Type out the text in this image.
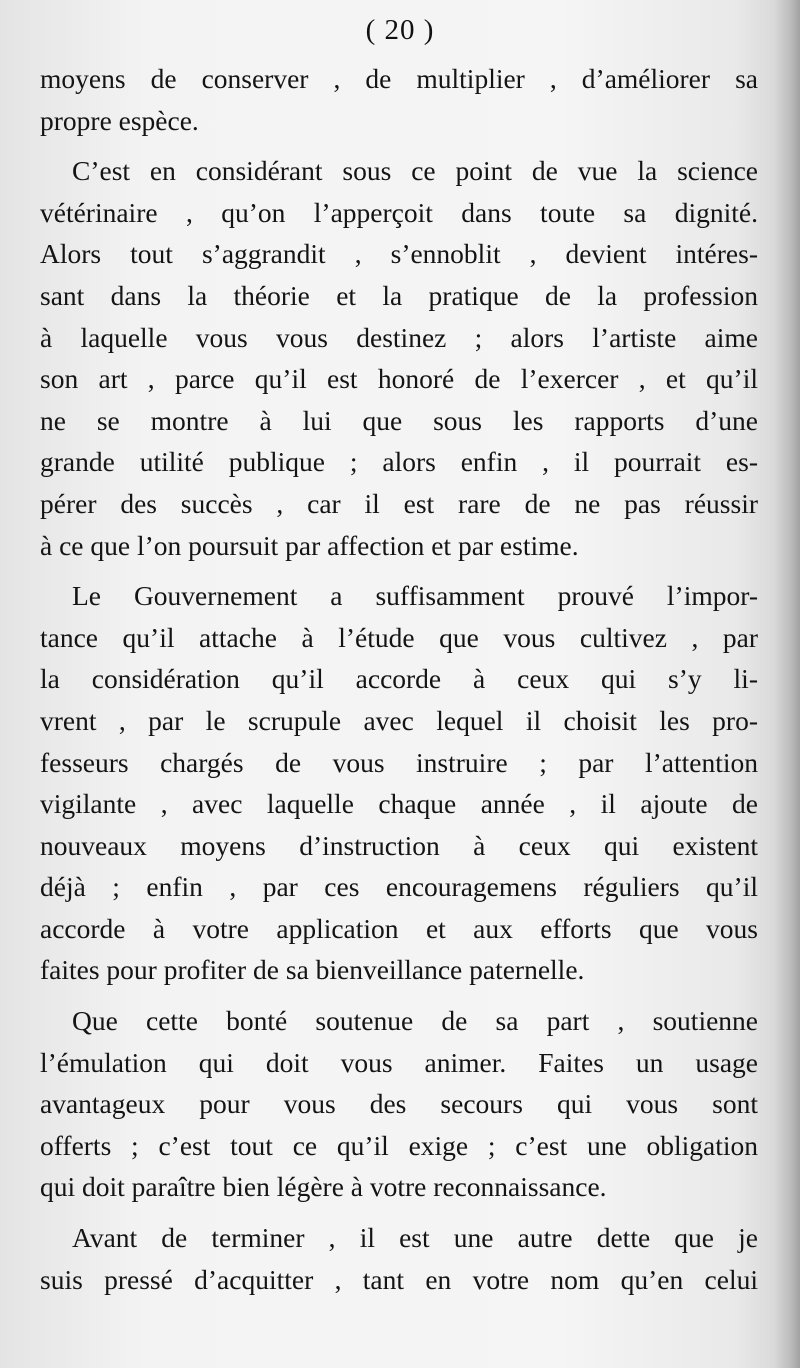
( 20 )
moyens de conserver , de multiplier , d’améliorer sa
propre espèce.
C’est en considérant sous ce point de vue la science
vétérinaire , qu’on l’apperçoit dans toute sa dignité.
Alors tout s’aggrandit , s’ennoblit , devient intéres-
sant dans la théorie et la pratique de la profession
à laquelle vous vous destinez ; alors l’artiste aime
son art , parce qu’il est honoré de l’exercer , et qu’il
ne se montre à lui que sous les rapports d’une
grande utilité publique ; alors enfin , il pourrait es-
pérer des succès , car il est rare de ne pas réussir
à ce que l’on poursuit par affection et par estime.
Le Gouvernement a suffisamment prouvé l’impor-
tance qu’il attache à l’étude que vous cultivez , par
la considération qu’il accorde à ceux qui s’y li-
vrent , par le scrupule avec lequel il choisit les pro-
fesseurs chargés de vous instruire ; par l’attention
vigilante , avec laquelle chaque année , il ajoute de
nouveaux moyens d’instruction à ceux qui existent
déjà ; enfin , par ces encouragemens réguliers qu’il
accorde à votre application et aux efforts que vous
faites pour profiter de sa bienveillance paternelle.
Que cette bonté soutenue de sa part , soutienne
l’émulation qui doit vous animer. Faites un usage
avantageux pour vous des secours qui vous sont
offerts ; c’est tout ce qu’il exige ; c’est une obligation
qui doit paraître bien légère à votre reconnaissance.
Avant de terminer , il est une autre dette que je
suis pressé d’acquitter , tant en votre nom qu’en celui
